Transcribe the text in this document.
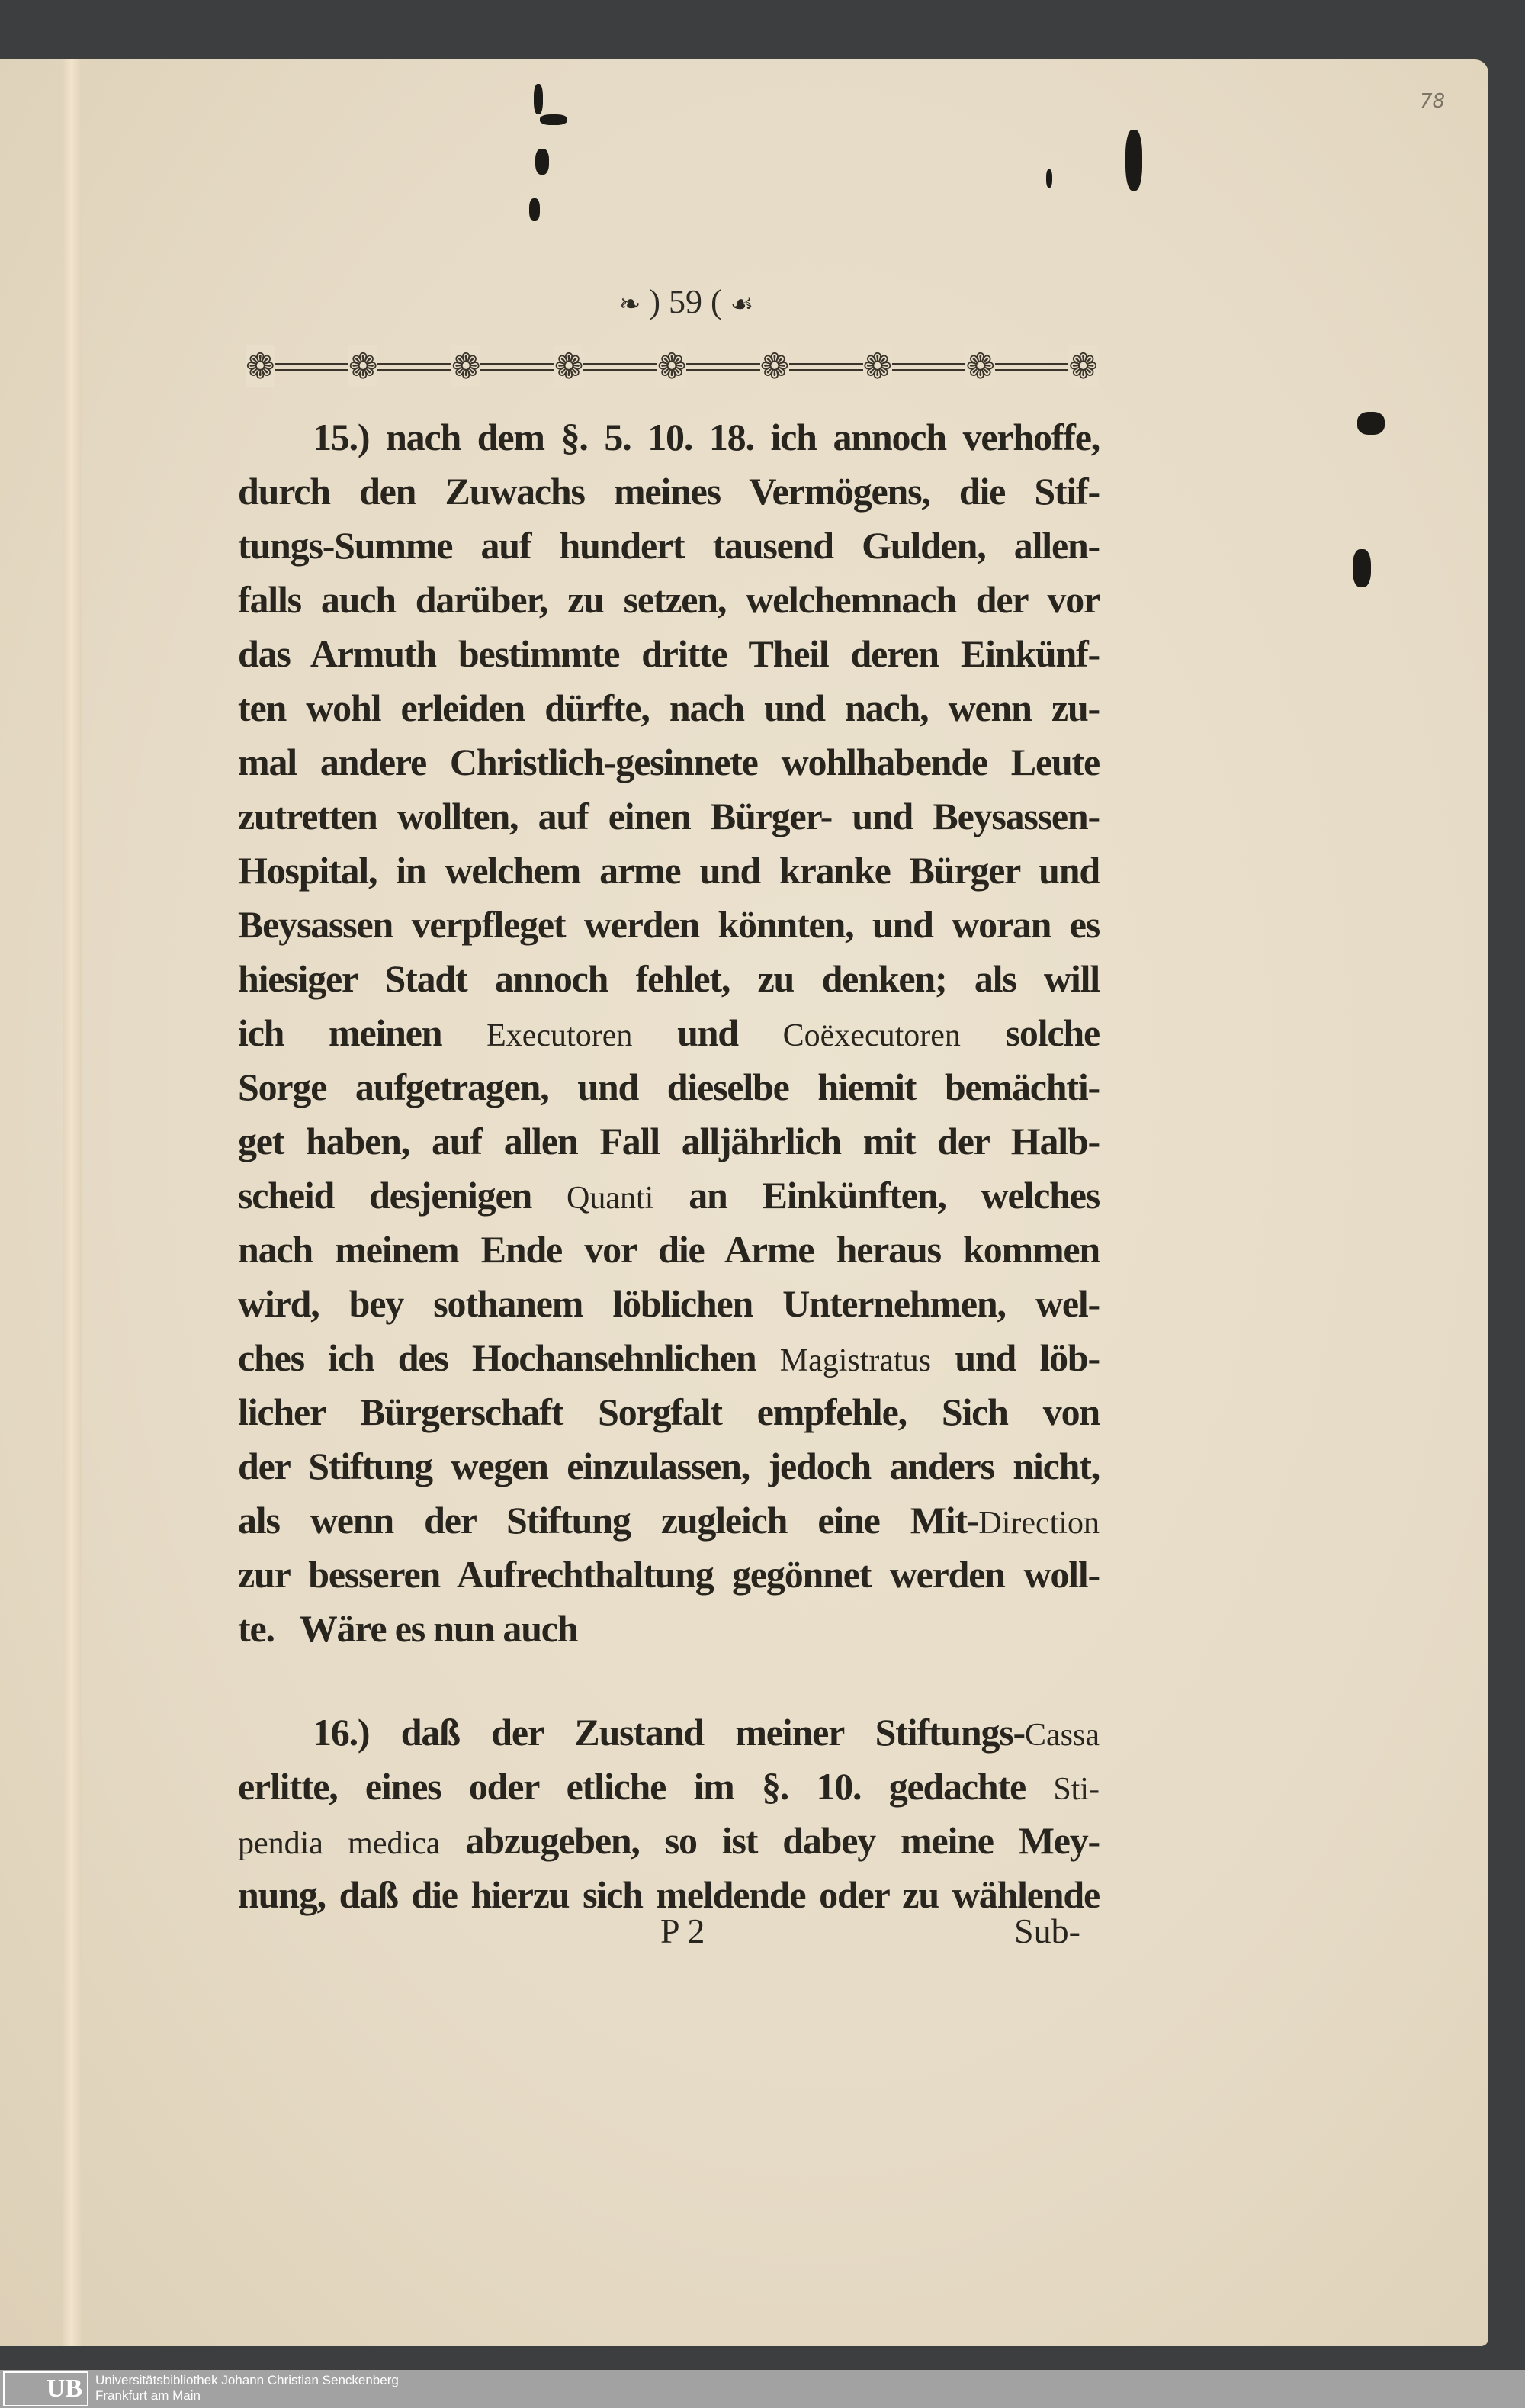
78
❧ ) 59 ( ☙
❁ ❁ ❁ ❁ ❁ ❁ ❁ ❁ ❁
15.) nach dem §. 5. 10. 18. ich annoch verhoffe,
durch den Zuwachs meines Vermögens, die Stif-
tungs-Summe auf hundert tausend Gulden, allen-
falls auch darüber, zu setzen, welchemnach der vor
das Armuth bestimmte dritte Theil deren Einkünf-
ten wohl erleiden dürfte, nach und nach, wenn zu-
mal andere Christlich-gesinnete wohlhabende Leute
zutretten wollten, auf einen Bürger- und Beysassen-
Hospital, in welchem arme und kranke Bürger und
Beysassen verpfleget werden könnten, und woran es
hiesiger Stadt annoch fehlet, zu denken; als will
ich meinen Executoren und Coëxecutoren solche
Sorge aufgetragen, und dieselbe hiemit bemächti-
get haben, auf allen Fall alljährlich mit der Halb-
scheid desjenigen Quanti an Einkünften, welches
nach meinem Ende vor die Arme heraus kommen
wird, bey sothanem löblichen Unternehmen, wel-
ches ich des Hochansehnlichen Magistratus und löb-
licher Bürgerschaft Sorgfalt empfehle, Sich von
der Stiftung wegen einzulassen, jedoch anders nicht,
als wenn der Stiftung zugleich eine Mit-Direction
zur besseren Aufrechthaltung gegönnet werden woll-
te.   Wäre es nun auch
16.) daß der Zustand meiner Stiftungs-Cassa
erlitte, eines oder etliche im §. 10. gedachte Sti-
pendia medica abzugeben, so ist dabey meine Mey-
nung, daß die hierzu sich meldende oder zu wählende
P 2	Sub-
UB	Universitätsbibliothek Johann Christian Senckenberg
Frankfurt am Main
